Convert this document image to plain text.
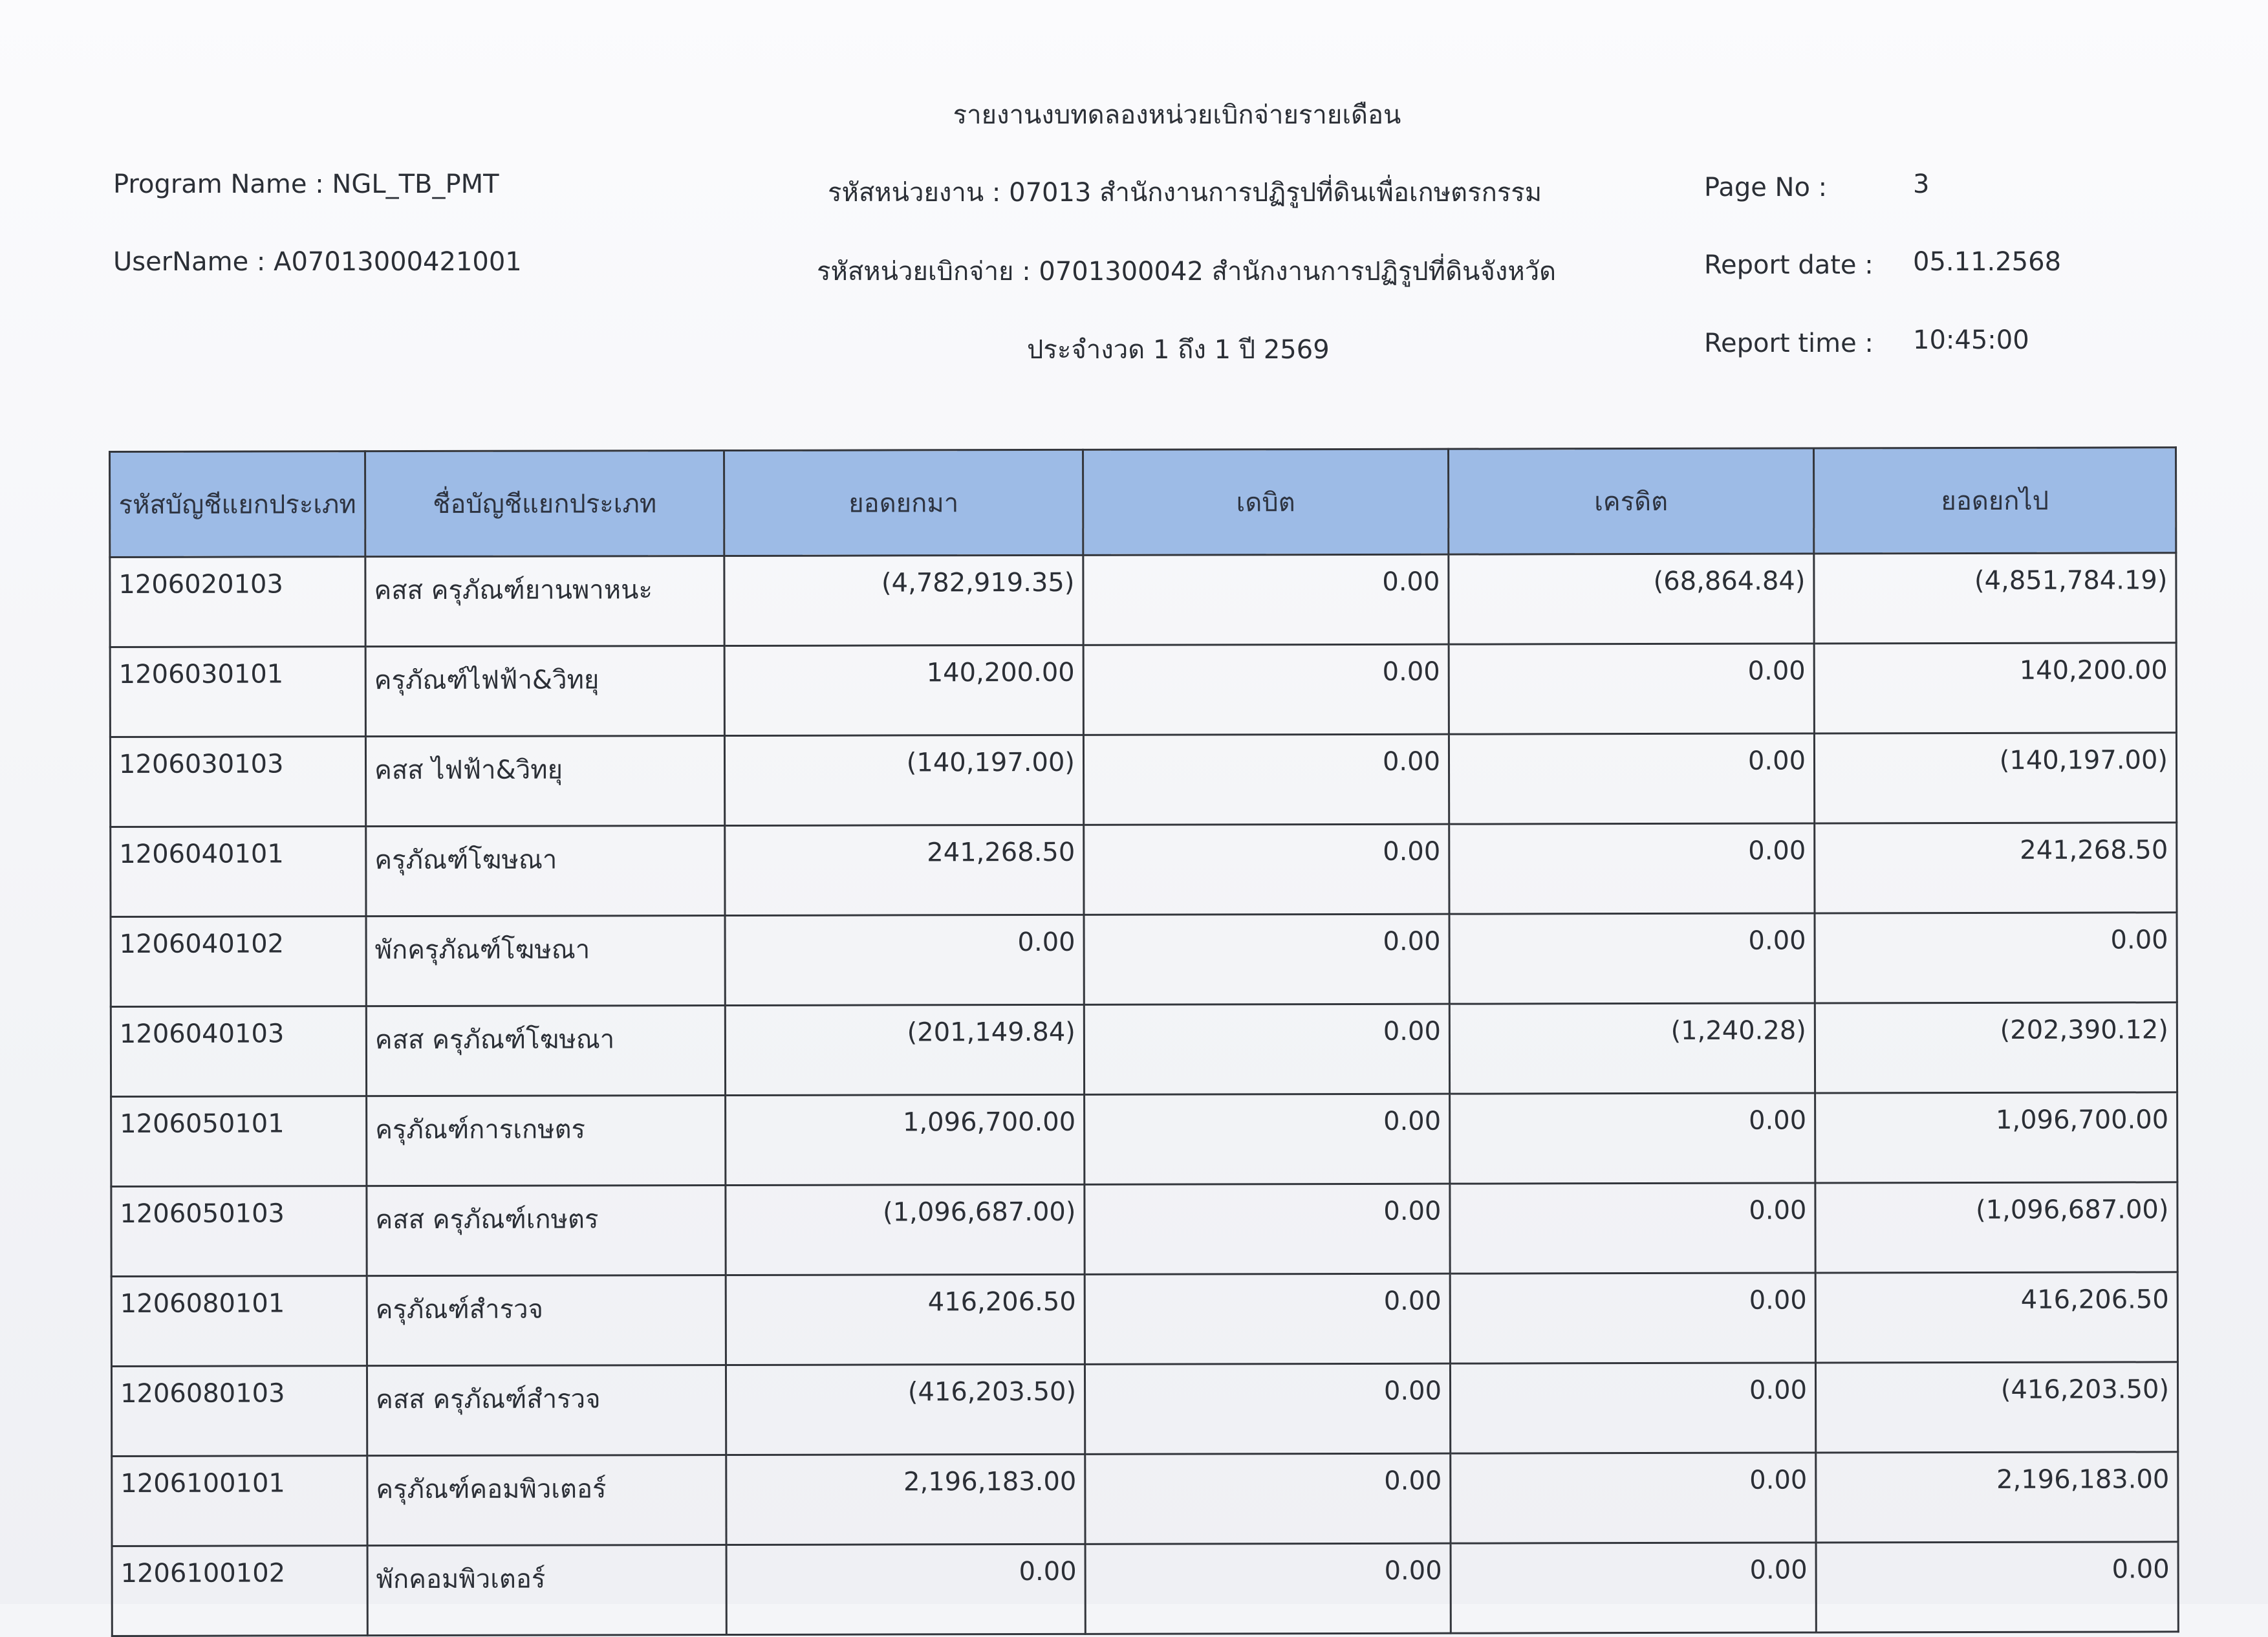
รายงานงบทดลองหน่วยเบิกจ่ายรายเดือน
Program Name : NGL_TB_PMT
UserName : A07013000421001
รหัสหน่วยงาน : 07013 สำนักงานการปฏิรูปที่ดินเพื่อเกษตรกรรม
รหัสหน่วยเบิกจ่าย : 0701300042 สำนักงานการปฏิรูปที่ดินจังหวัด
ประจำงวด 1 ถึง 1 ปี 2569
Page No :	3
Report date : 05.11.2568
Report time : 10:45:00
รหัสบัญชีแยกประเภท	ชื่อบัญชีแยกประเภท	ยอดยกมา	เดบิต	เครดิต	ยอดยกไป
1206020103	คสส ครุภัณฑ์ยานพาหนะ	(4,782,919.35)	0.00	(68,864.84)	(4,851,784.19)
1206030101	ครุภัณฑ์ไฟฟ้า&วิทยุ	140,200.00	0.00	0.00	140,200.00
1206030103	คสส ไฟฟ้า&วิทยุ	(140,197.00)	0.00	0.00	(140,197.00)
1206040101	ครุภัณฑ์โฆษณา	241,268.50	0.00	0.00	241,268.50
1206040102	พักครุภัณฑ์โฆษณา	0.00	0.00	0.00	0.00
1206040103	คสส ครุภัณฑ์โฆษณา	(201,149.84)	0.00	(1,240.28)	(202,390.12)
1206050101	ครุภัณฑ์การเกษตร	1,096,700.00	0.00	0.00	1,096,700.00
1206050103	คสส ครุภัณฑ์เกษตร	(1,096,687.00)	0.00	0.00	(1,096,687.00)
1206080101	ครุภัณฑ์สำรวจ	416,206.50	0.00	0.00	416,206.50
1206080103	คสส ครุภัณฑ์สำรวจ	(416,203.50)	0.00	0.00	(416,203.50)
1206100101	ครุภัณฑ์คอมพิวเตอร์	2,196,183.00	0.00	0.00	2,196,183.00
1206100102	พักคอมพิวเตอร์	0.00	0.00	0.00	0.00
